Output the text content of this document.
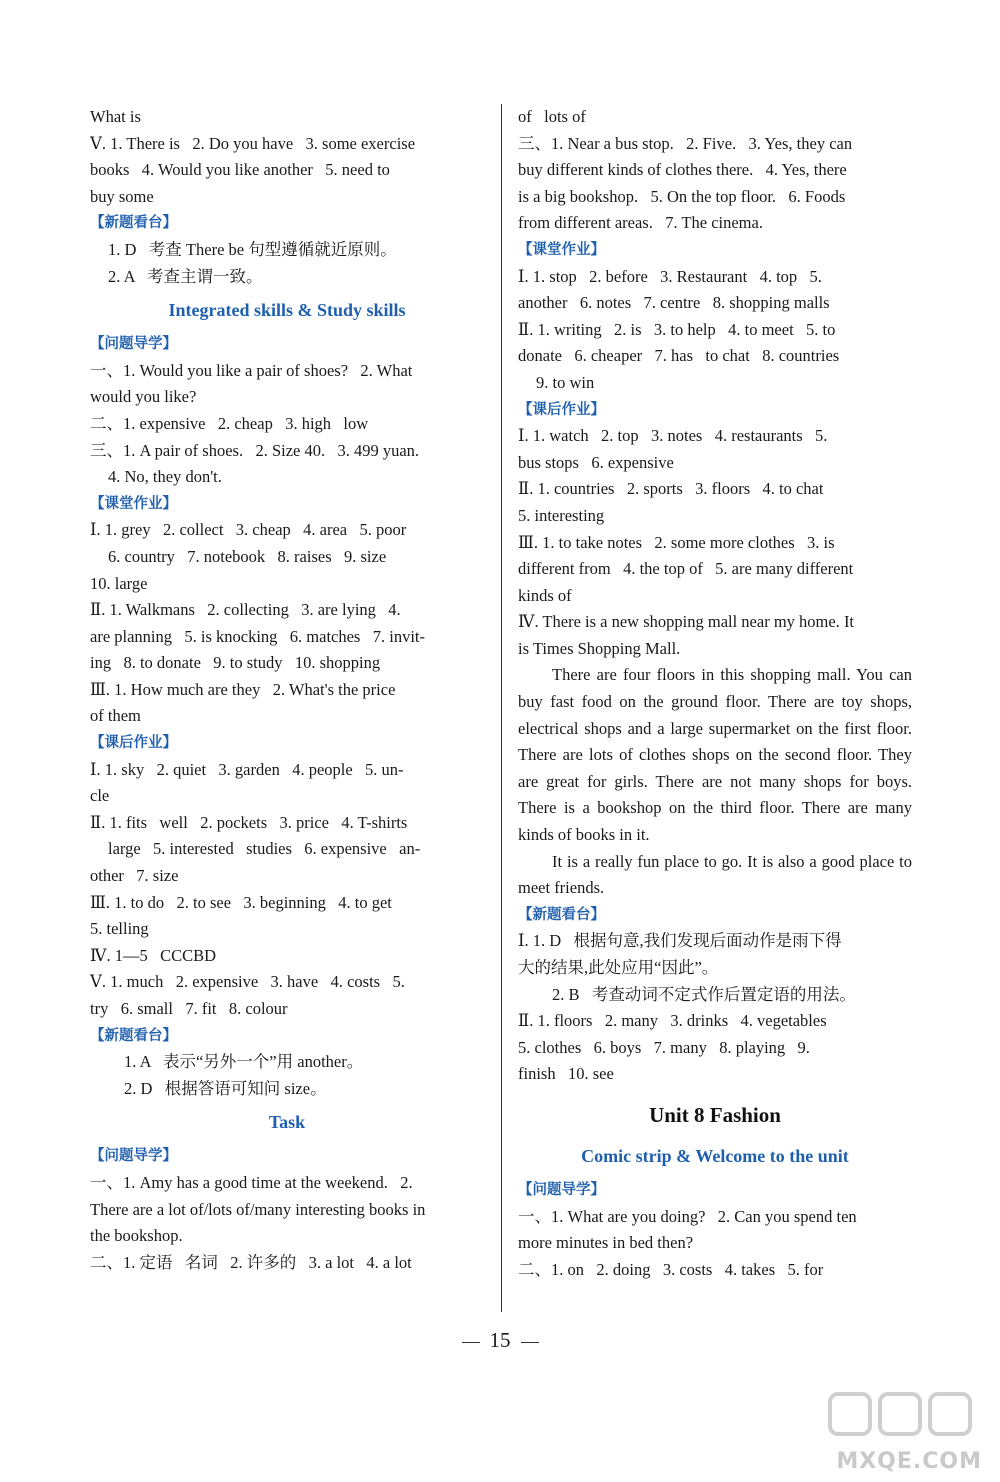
What is
Ⅴ. 1. There is   2. Do you have   3. some exercise
books   4. Would you like another   5. need to
buy some
【新题看台】
1. D   考查 There be 句型遵循就近原则。
2. A   考查主谓一致。
Integrated skills & Study skills
【问题导学】
一、1. Would you like a pair of shoes?   2. What
would you like?
二、1. expensive   2. cheap   3. high   low
三、1. A pair of shoes.   2. Size 40.   3. 499 yuan.
4. No, they don't.
【课堂作业】
Ⅰ. 1. grey   2. collect   3. cheap   4. area   5. poor
6. country   7. notebook   8. raises   9. size
10. large
Ⅱ. 1. Walkmans   2. collecting   3. are lying   4.
are planning   5. is knocking   6. matches   7. invit-
ing   8. to donate   9. to study   10. shopping
Ⅲ. 1. How much are they   2. What's the price
of them
【课后作业】
Ⅰ. 1. sky   2. quiet   3. garden   4. people   5. un-
cle
Ⅱ. 1. fits   well   2. pockets   3. price   4. T-shirts
large   5. interested   studies   6. expensive   an-
other   7. size
Ⅲ. 1. to do   2. to see   3. beginning   4. to get
5. telling
Ⅳ. 1—5   CCCBD
Ⅴ. 1. much   2. expensive   3. have   4. costs   5.
try   6. small   7. fit   8. colour
【新题看台】
1. A   表示“另外一个”用 another。
2. D   根据答语可知问 size。
Task
【问题导学】
一、1. Amy has a good time at the weekend.   2.
There are a lot of/lots of/many interesting books in
the bookshop.
二、1. 定语   名词   2. 许多的   3. a lot   4. a lot
of   lots of
三、1. Near a bus stop.   2. Five.   3. Yes, they can
buy different kinds of clothes there.   4. Yes, there
is a big bookshop.   5. On the top floor.   6. Foods
from different areas.   7. The cinema.
【课堂作业】
Ⅰ. 1. stop   2. before   3. Restaurant   4. top   5.
another   6. notes   7. centre   8. shopping malls
Ⅱ. 1. writing   2. is   3. to help   4. to meet   5. to
donate   6. cheaper   7. has   to chat   8. countries
9. to win
【课后作业】
Ⅰ. 1. watch   2. top   3. notes   4. restaurants   5.
bus stops   6. expensive
Ⅱ. 1. countries   2. sports   3. floors   4. to chat
5. interesting
Ⅲ. 1. to take notes   2. some more clothes   3. is
different from   4. the top of   5. are many different
kinds of
Ⅳ. There is a new shopping mall near my home. It
is Times Shopping Mall.
There are four floors in this shopping mall. You can buy fast food on the ground floor. There are toy shops, electrical shops and a large supermarket on the first floor. There are lots of clothes shops on the second floor. They are great for girls. There are not many shops for boys. There is a bookshop on the third floor. There are many kinds of books in it.
It is a really fun place to go. It is also a good place to meet friends.
【新题看台】
Ⅰ. 1. D   根据句意,我们发现后面动作是雨下得
大的结果,此处应用“因此”。
2. B   考查动词不定式作后置定语的用法。
Ⅱ. 1. floors   2. many   3. drinks   4. vegetables
5. clothes   6. boys   7. many   8. playing   9.
finish   10. see
Unit 8 Fashion
Comic strip & Welcome to the unit
【问题导学】
一、1. What are you doing?   2. Can you spend ten
more minutes in bed then?
二、1. on   2. doing   3. costs   4. takes   5. for
15
MXQE.COM
